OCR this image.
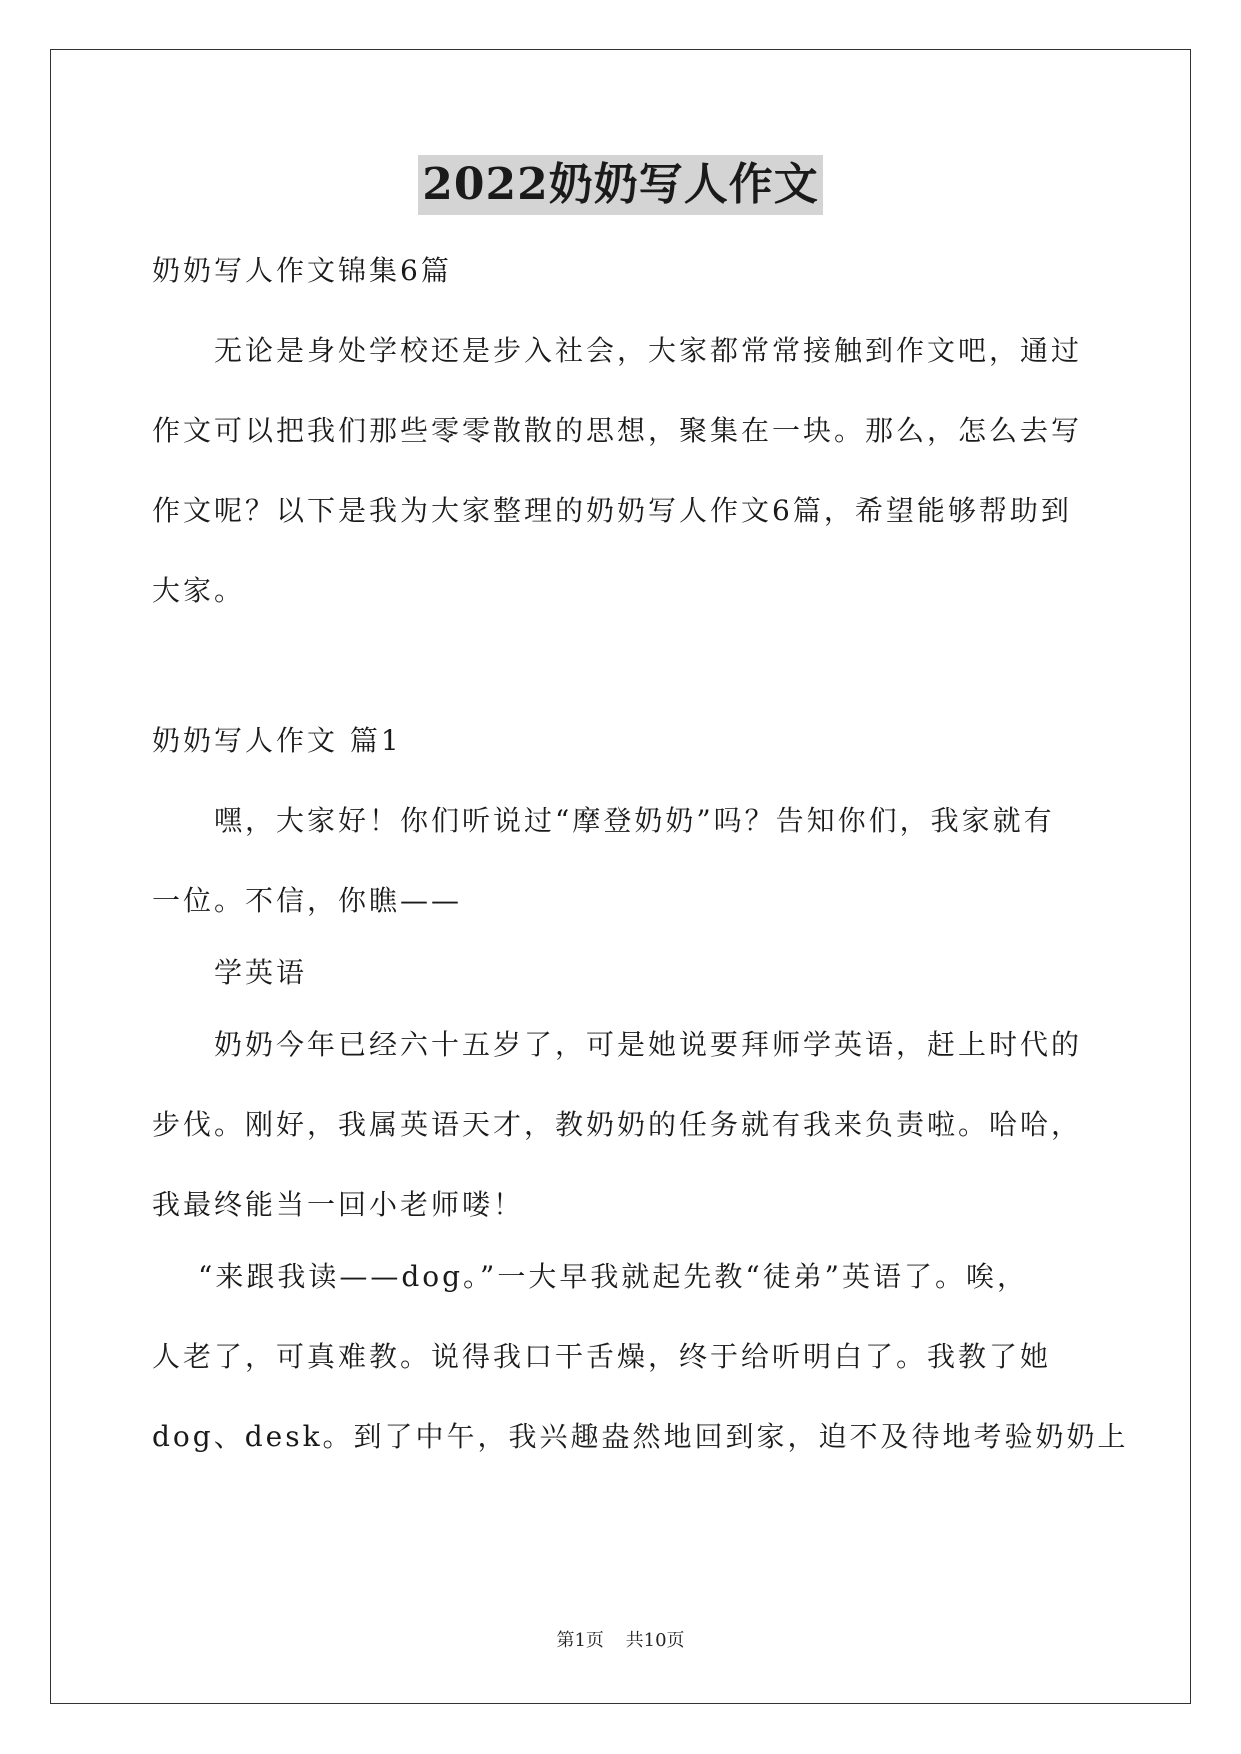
2022奶奶写人作文
奶奶写人作文锦集6篇
无论是身处学校还是步入社会，大家都常常接触到作文吧，通过
作文可以把我们那些零零散散的思想，聚集在一块。那么，怎么去写
作文呢？以下是我为大家整理的奶奶写人作文6篇，希望能够帮助到
大家。
奶奶写人作文 篇1
嘿，大家好！你们听说过“摩登奶奶”吗？告知你们，我家就有
一位。不信，你瞧——
学英语
奶奶今年已经六十五岁了，可是她说要拜师学英语，赶上时代的
步伐。刚好，我属英语天才，教奶奶的任务就有我来负责啦。哈哈，
我最终能当一回小老师喽！
“来跟我读——dog。”一大早我就起先教“徒弟”英语了。唉，
人老了，可真难教。说得我口干舌燥，终于给听明白了。我教了她
dog、desk。到了中午，我兴趣盎然地回到家，迫不及待地考验奶奶上
第1页 共10页
